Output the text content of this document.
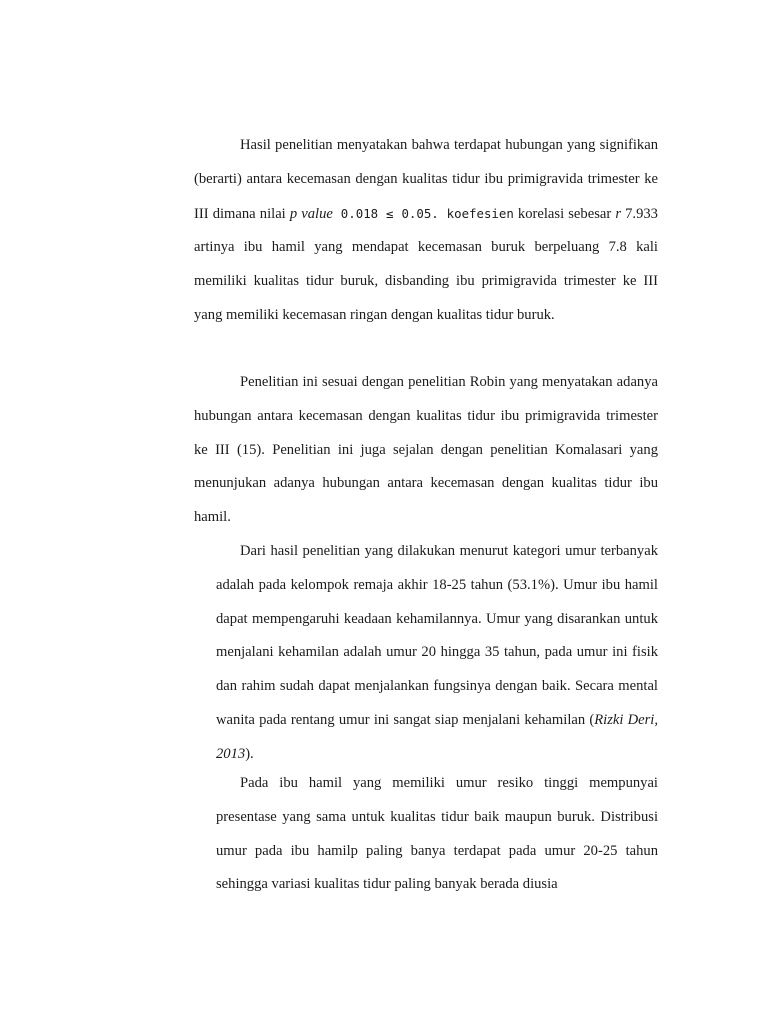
Hasil penelitian menyatakan bahwa terdapat hubungan yang signifikan (berarti) antara kecemasan dengan kualitas tidur ibu primigravida trimester ke III dimana nilai p value 0.018 ≤ 0.05. koefesien korelasi sebesar r 7.933 artinya ibu hamil yang mendapat kecemasan buruk berpeluang 7.8 kali memiliki kualitas tidur buruk, disbanding ibu primigravida trimester ke III yang memiliki kecemasan ringan dengan kualitas tidur buruk.

Penelitian ini sesuai dengan penelitian Robin yang menyatakan adanya hubungan antara kecemasan dengan kualitas tidur ibu primigravida trimester ke III (15). Penelitian ini juga sejalan dengan penelitian Komalasari yang menunjukan adanya hubungan antara kecemasan dengan kualitas tidur ibu hamil.

Dari hasil penelitian yang dilakukan menurut kategori umur terbanyak adalah pada kelompok remaja akhir 18-25 tahun (53.1%). Umur ibu hamil dapat mempengaruhi keadaan kehamilannya. Umur yang disarankan untuk menjalani kehamilan adalah umur 20 hingga 35 tahun, pada umur ini fisik dan rahim sudah dapat menjalankan fungsinya dengan baik. Secara mental wanita pada rentang umur ini sangat siap menjalani kehamilan (Rizki Deri, 2013).

Pada ibu hamil yang memiliki umur resiko tinggi mempunyai presentase yang sama untuk kualitas tidur baik maupun buruk. Distribusi umur pada ibu hamilp paling banya terdapat pada umur 20-25 tahun sehingga variasi kualitas tidur paling banyak berada diusia
